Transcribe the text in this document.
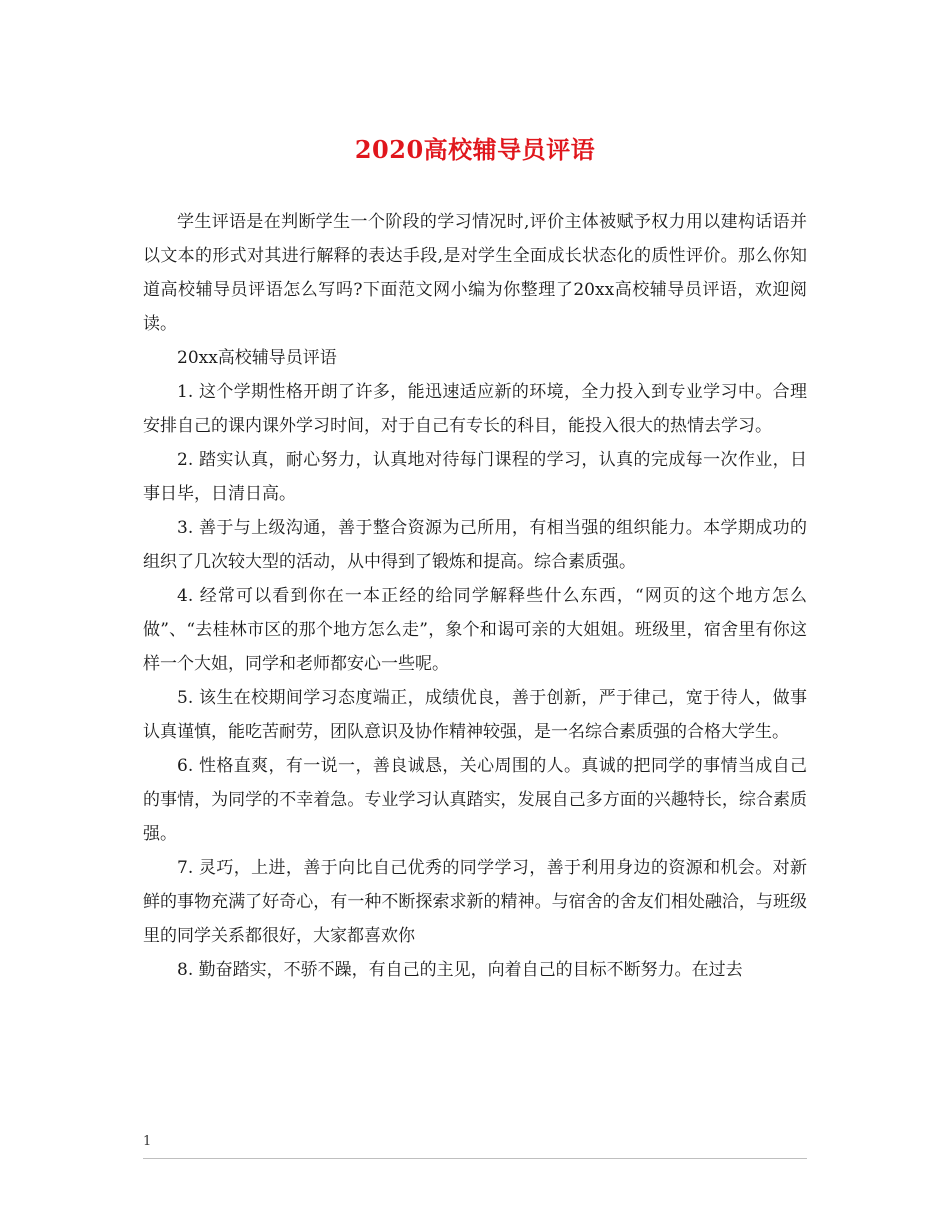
2020高校辅导员评语

学生评语是在判断学生一个阶段的学习情况时,评价主体被赋予权力用以建构话语并以文本的形式对其进行解释的表达手段,是对学生全面成长状态化的质性评价。那么你知道高校辅导员评语怎么写吗?下面范文网小编为你整理了20xx高校辅导员评语，欢迎阅读。

20xx高校辅导员评语

1. 这个学期性格开朗了许多，能迅速适应新的环境，全力投入到专业学习中。合理安排自己的课内课外学习时间，对于自己有专长的科目，能投入很大的热情去学习。

2. 踏实认真，耐心努力，认真地对待每门课程的学习，认真的完成每一次作业，日事日毕，日清日高。

3. 善于与上级沟通，善于整合资源为己所用，有相当强的组织能力。本学期成功的组织了几次较大型的活动，从中得到了锻炼和提高。综合素质强。

4. 经常可以看到你在一本正经的给同学解释些什么东西，“网页的这个地方怎么做”、“去桂林市区的那个地方怎么走”，象个和谒可亲的大姐姐。班级里，宿舍里有你这样一个大姐，同学和老师都安心一些呢。

5. 该生在校期间学习态度端正，成绩优良，善于创新，严于律己，宽于待人，做事认真谨慎，能吃苦耐劳，团队意识及协作精神较强，是一名综合素质强的合格大学生。

6. 性格直爽，有一说一，善良诚恳，关心周围的人。真诚的把同学的事情当成自己的事情，为同学的不幸着急。专业学习认真踏实，发展自己多方面的兴趣特长，综合素质强。

7. 灵巧，上进，善于向比自己优秀的同学学习，善于利用身边的资源和机会。对新鲜的事物充满了好奇心，有一种不断探索求新的精神。与宿舍的舍友们相处融洽，与班级里的同学关系都很好，大家都喜欢你

8. 勤奋踏实，不骄不躁，有自己的主见，向着自己的目标不断努力。在过去

1
